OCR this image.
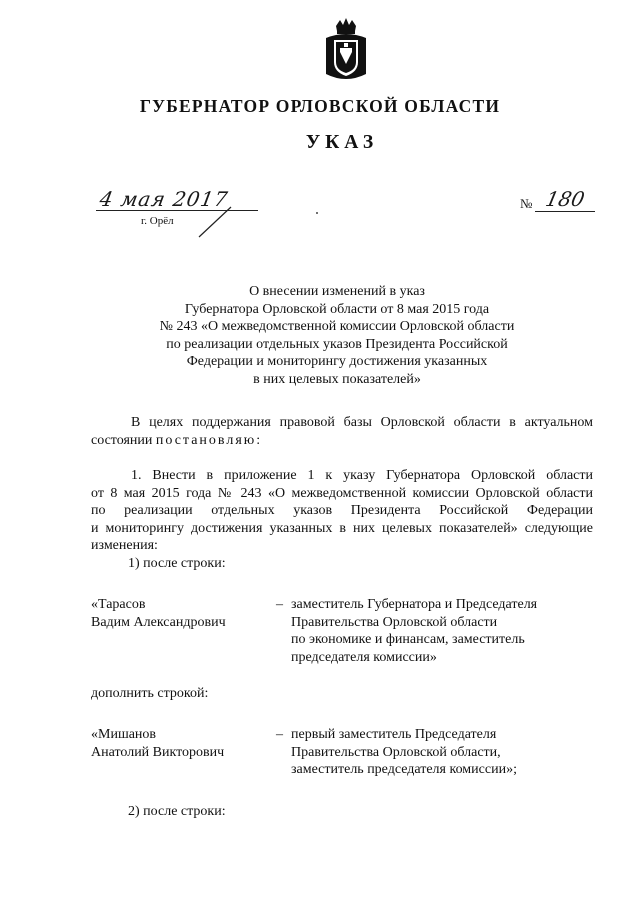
ГУБЕРНАТОР ОРЛОВСКОЙ ОБЛАСТИ
УКАЗ
4 мая 2017
г. Орёл
№ 180
О внесении изменений в указ
Губернатора Орловской области от 8 мая 2015 года
№ 243 «О межведомственной комиссии Орловской области
по реализации отдельных указов Президента Российской
Федерации и мониторингу достижения указанных
в них целевых показателей»
В целях поддержания правовой базы Орловской области в актуальном
состоянии постановляю:
1. Внести в приложение 1 к указу Губернатора Орловской области
от 8 мая 2015 года № 243 «О межведомственной комиссии Орловской области
по реализации отдельных указов Президента Российской Федерации
и мониторингу достижения указанных в них целевых показателей» следующие
изменения:
1) после строки:
«Тарасов
Вадим Александрович
– заместитель Губернатора и Председателя
Правительства Орловской области
по экономике и финансам, заместитель
председателя комиссии»
дополнить строкой:
«Мишанов
Анатолий Викторович
– первый заместитель Председателя
Правительства Орловской области,
заместитель председателя комиссии»;
2) после строки:
